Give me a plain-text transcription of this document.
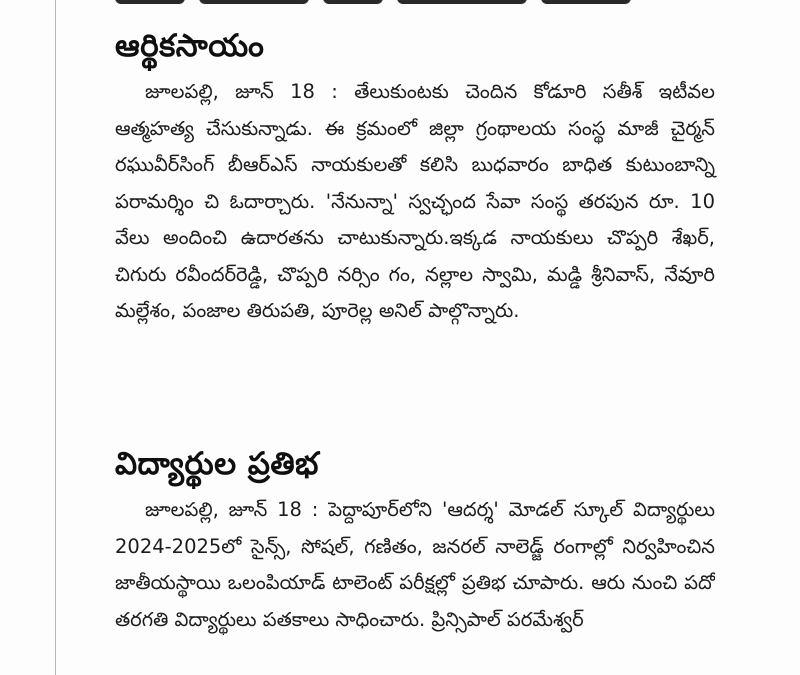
ఆర్థికసాయం

జూలపల్లి, జూన్ 18 : తేలుకుంటకు చెందిన కోడూరి సతీశ్ ఇటీవల ఆత్మహత్య చేసుకున్నాడు. ఈ క్రమంలో జిల్లా గ్రంథాలయ సంస్థ మాజీ చైర్మన్ రఘువీర్‌సింగ్ బీఆర్ఎస్ నాయకులతో కలిసి బుధవారం బాధిత కుటుంబాన్ని పరామర్శిం చి ఓదార్చారు. 'నేనున్నా' స్వచ్ఛంద సేవా సంస్థ తరపున రూ. 10 వేలు అందించి ఉదారతను చాటుకున్నారు.ఇక్కడ నాయకులు చొప్పరి శేఖర్, చిగురు రవీందర్‌రెడ్డి, చొప్పరి నర్సిం గం, నల్లాల స్వామి, మడ్డి శ్రీనివాస్, నేవూరి మల్లేశం, పంజాల తిరుపతి, పూరెల్ల అనిల్ పాల్గొన్నారు.

విద్యార్థుల ప్రతిభ

జూలపల్లి, జూన్ 18 : పెద్దాపూర్‌లోని 'ఆదర్శ' మోడల్ స్కూల్ విద్యార్థులు 2024-2025లో సైన్స్, సోషల్, గణితం, జనరల్ నాలెడ్జ్ రంగాల్లో నిర్వహించిన జాతీయస్థాయి ఒలంపియాడ్ టాలెంట్ పరీక్షల్లో ప్రతిభ చూపారు. ఆరు నుంచి పదో తరగతి విద్యార్థులు పతకాలు సాధించారు. ప్రిన్సిపాల్ పరమేశ్వర్
